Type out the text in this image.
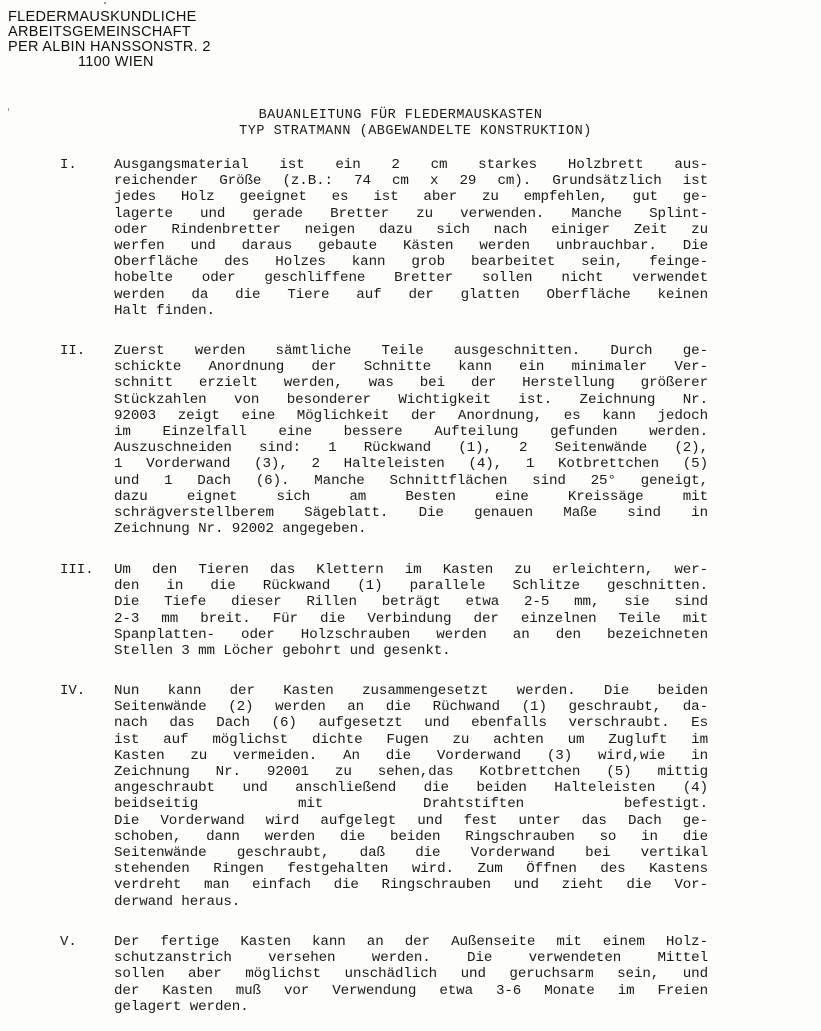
FLEDERMAUSKUNDLICHE
ARBEITSGEMEINSCHAFT
PER ALBIN HANSSONSTR. 2
1100 WIEN
BAUANLEITUNG FÜR FLEDERMAUSKASTEN
TYP STRATMANN (ABGEWANDELTE KONSTRUKTION)
I.	Ausgangsmaterial ist ein 2 cm starkes Holzbrett aus-
reichender Größe (z.B.: 74 cm x 29 cm). Grundsätzlich ist
jedes Holz geeignet es ist aber zu empfehlen, gut ge-
lagerte und gerade Bretter zu verwenden. Manche Splint-
oder Rindenbretter neigen dazu sich nach einiger Zeit zu
werfen und daraus gebaute Kästen werden unbrauchbar. Die
Oberfläche des Holzes kann grob bearbeitet sein, feinge-
hobelte oder geschliffene Bretter sollen nicht verwendet
werden da die Tiere auf der glatten Oberfläche keinen
Halt finden.
II. Zuerst werden sämtliche Teile ausgeschnitten. Durch ge-
schickte Anordnung der Schnitte kann ein minimaler Ver-
schnitt erzielt werden, was bei der Herstellung größerer
Stückzahlen von besonderer Wichtigkeit ist. Zeichnung Nr.
92003 zeigt eine Möglichkeit der Anordnung, es kann jedoch
im Einzelfall eine bessere Aufteilung gefunden werden.
Auszuschneiden sind: 1 Rückwand (1), 2 Seitenwände (2),
1 Vorderwand (3), 2 Halteleisten (4), 1 Kotbrettchen (5)
und 1 Dach (6). Manche Schnittflächen sind 25° geneigt,
dazu eignet sich am Besten eine Kreissäge mit
schrägverstellberem Sägeblatt. Die genauen Maße sind in
Zeichnung Nr. 92002 angegeben.
III. Um den Tieren das Klettern im Kasten zu erleichtern, wer-
den in die Rückwand (1) parallele Schlitze geschnitten.
Die Tiefe dieser Rillen beträgt etwa 2-5 mm, sie sind
2-3 mm breit. Für die Verbindung der einzelnen Teile mit
Spanplatten- oder Holzschrauben werden an den bezeichneten
Stellen 3 mm Löcher gebohrt und gesenkt.
IV. Nun kann der Kasten zusammengesetzt werden. Die beiden
Seitenwände (2) werden an die Rüchwand (1) geschraubt, da-
nach das Dach (6) aufgesetzt und ebenfalls verschraubt. Es
ist auf möglichst dichte Fugen zu achten um Zugluft im
Kasten zu vermeiden. An die Vorderwand (3) wird,wie in
Zeichnung Nr. 92001 zu sehen,das Kotbrettchen (5) mittig
angeschraubt und anschließend die beiden Halteleisten (4)
beidseitig mit Drahtstiften befestigt.
Die Vorderwand wird aufgelegt und fest unter das Dach ge-
schoben, dann werden die beiden Ringschrauben so in die
Seitenwände geschraubt, daß die Vorderwand bei vertikal
stehenden Ringen festgehalten wird. Zum Öffnen des Kastens
verdreht man einfach die Ringschrauben und zieht die Vor-
derwand heraus.
V.	Der fertige Kasten kann an der Außenseite mit einem Holz-
schutzanstrich versehen werden. Die verwendeten Mittel
sollen aber möglichst unschädlich und geruchsarm sein, und
der Kasten muß vor Verwendung etwa 3-6 Monate im Freien
gelagert werden.
